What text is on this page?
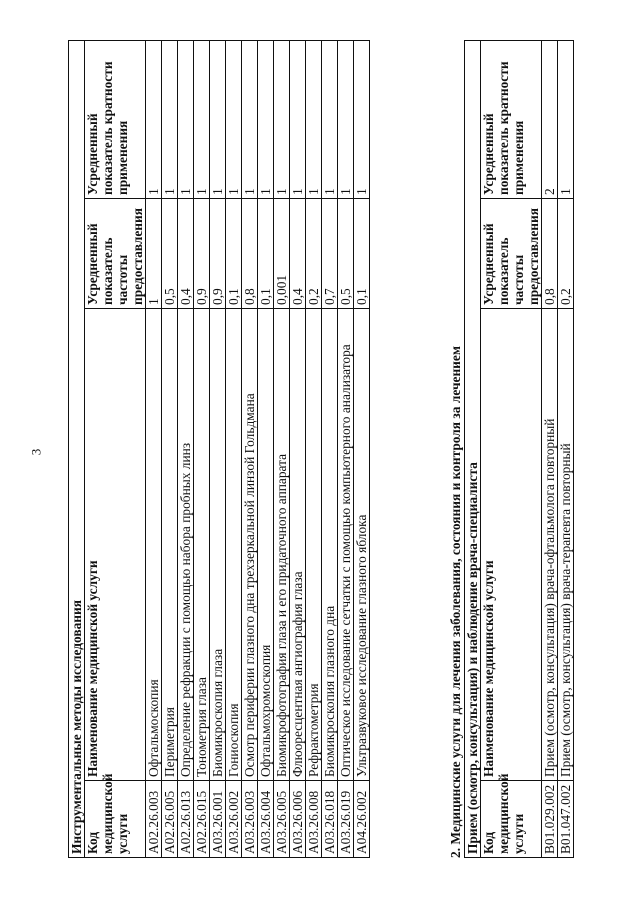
3
Инструментальные методы исследования			
Код медицинской услуги	Наименование медицинской услуги	Усредненный показатель частоты предоставления	Усредненный показатель кратности применения
A02.26.003	Офтальмоскопия	1	1
A02.26.005	Периметрия	0,5	1
A02.26.013	Определение рефракции с помощью набора пробных линз	0,4	1
A02.26.015	Тонометрия глаза	0,9	1
A03.26.001	Биомикроскопия глаза	0,9	1
A03.26.002	Гониоскопия	0,1	1
A03.26.003	Осмотр периферии глазного дна трехзеркальной линзой Гольдмана	0,8	1
A03.26.004	Офтальмохромоскопия	0,1	1
A03.26.005	Биомикрофотография глаза и его придаточного аппарата	0,001	1
A03.26.006	Флюоресцентная ангиография глаза	0,4	1
A03.26.008	Рефрактометрия	0,2	1
A03.26.018	Биомикроскопия глазного дна	0,7	1
A03.26.019	Оптическое исследование сетчатки с помощью компьютерного анализатора	0,5	1
A04.26.002	Ультразвуковое исследование глазного яблока	0,1	1
2. Медицинские услуги для лечения заболевания, состояния и контроля за лечением Прием (осмотр, консультация) и наблюдение врача-специалиста			
Код медицинской услуги	Наименование медицинской услуги	Усредненный показатель частоты предоставления	Усредненный показатель кратности применения
B01.029.002	Прием (осмотр, консультация) врача-офтальмолога повторный	0,8	2
B01.047.002	Прием (осмотр, консультация) врача-терапевта повторный	0,2	1
